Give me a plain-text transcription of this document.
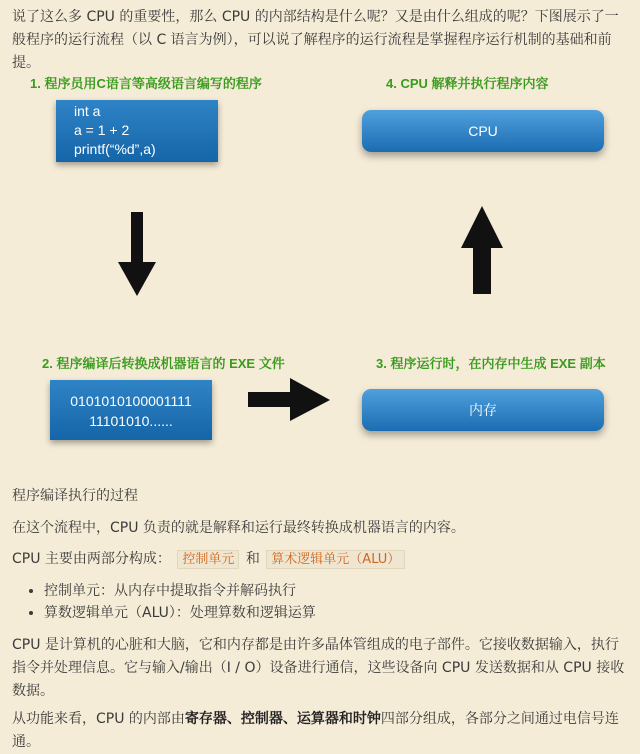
说了这么多 CPU 的重要性，那么 CPU 的内部结构是什么呢？又是由什么组成的呢？下图展示了一般程序的运行流程（以 C 语言为例），可以说了解程序的运行流程是掌握程序运行机制的基础和前提。
1. 程序员用C语言等高级语言编写的程序	4. CPU 解释并执行程序内容
int a
a = 1 + 2
printf(“%d”,a)
CPU
2. 程序编译后转换成机器语言的 EXE 文件	3. 程序运行时，在内存中生成 EXE 副本
0101010100001111
11101010......
内存
程序编译执行的过程
在这个流程中，CPU 负责的就是解释和运行最终转换成机器语言的内容。
CPU 主要由两部分构成： 控制单元 和 算术逻辑单元（ALU）
• 控制单元：从内存中提取指令并解码执行
• 算数逻辑单元（ALU）：处理算数和逻辑运算
CPU 是计算机的心脏和大脑，它和内存都是由许多晶体管组成的电子部件。它接收数据输入，执行指令并处理信息。它与输入/输出（I / O）设备进行通信，这些设备向 CPU 发送数据和从 CPU 接收数据。
从功能来看，CPU 的内部由寄存器、控制器、运算器和时钟四部分组成，各部分之间通过电信号连通。
